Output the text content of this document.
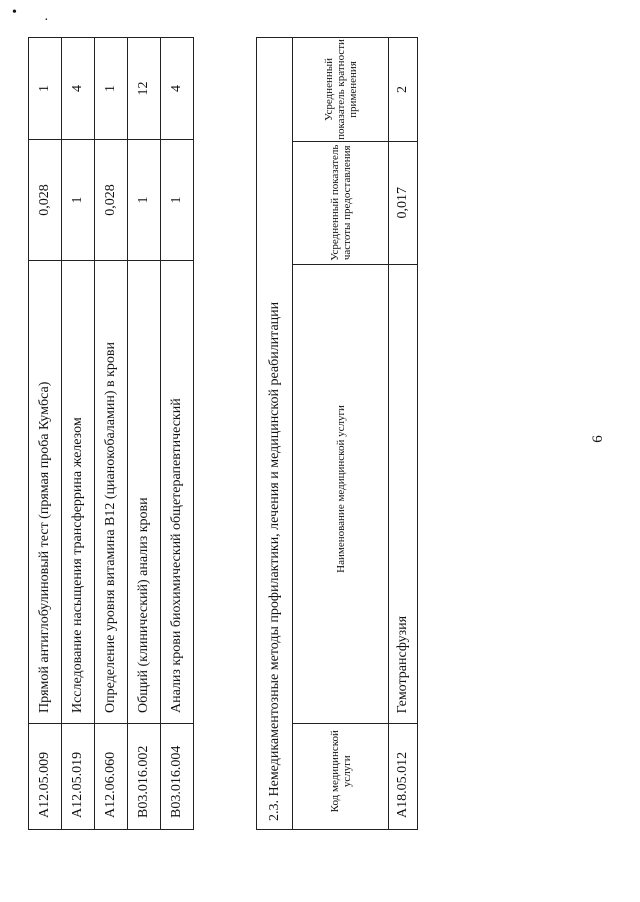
•
·
6
A12.05.009	Прямой антиглобулиновый тест (прямая проба Кумбса)	0,028	1
A12.05.019	Исследование насыщения трансферрина железом	1	4
A12.06.060	Определение уровня витамина B12 (цианокобаламин) в крови	0,028	1
B03.016.002	Общий (клинический) анализ крови	1	12
B03.016.004	Анализ крови биохимический общетерапевтический	1	4
2.3. Немедикаментозные методы профилактики, лечения и медицинской реабилитации			
Код медицинской услуги	Наименование медицинской услуги	Усредненный показатель частоты предоставления	Усредненный показатель кратности применения
A18.05.012	Гемотрансфузия	0,017	2
